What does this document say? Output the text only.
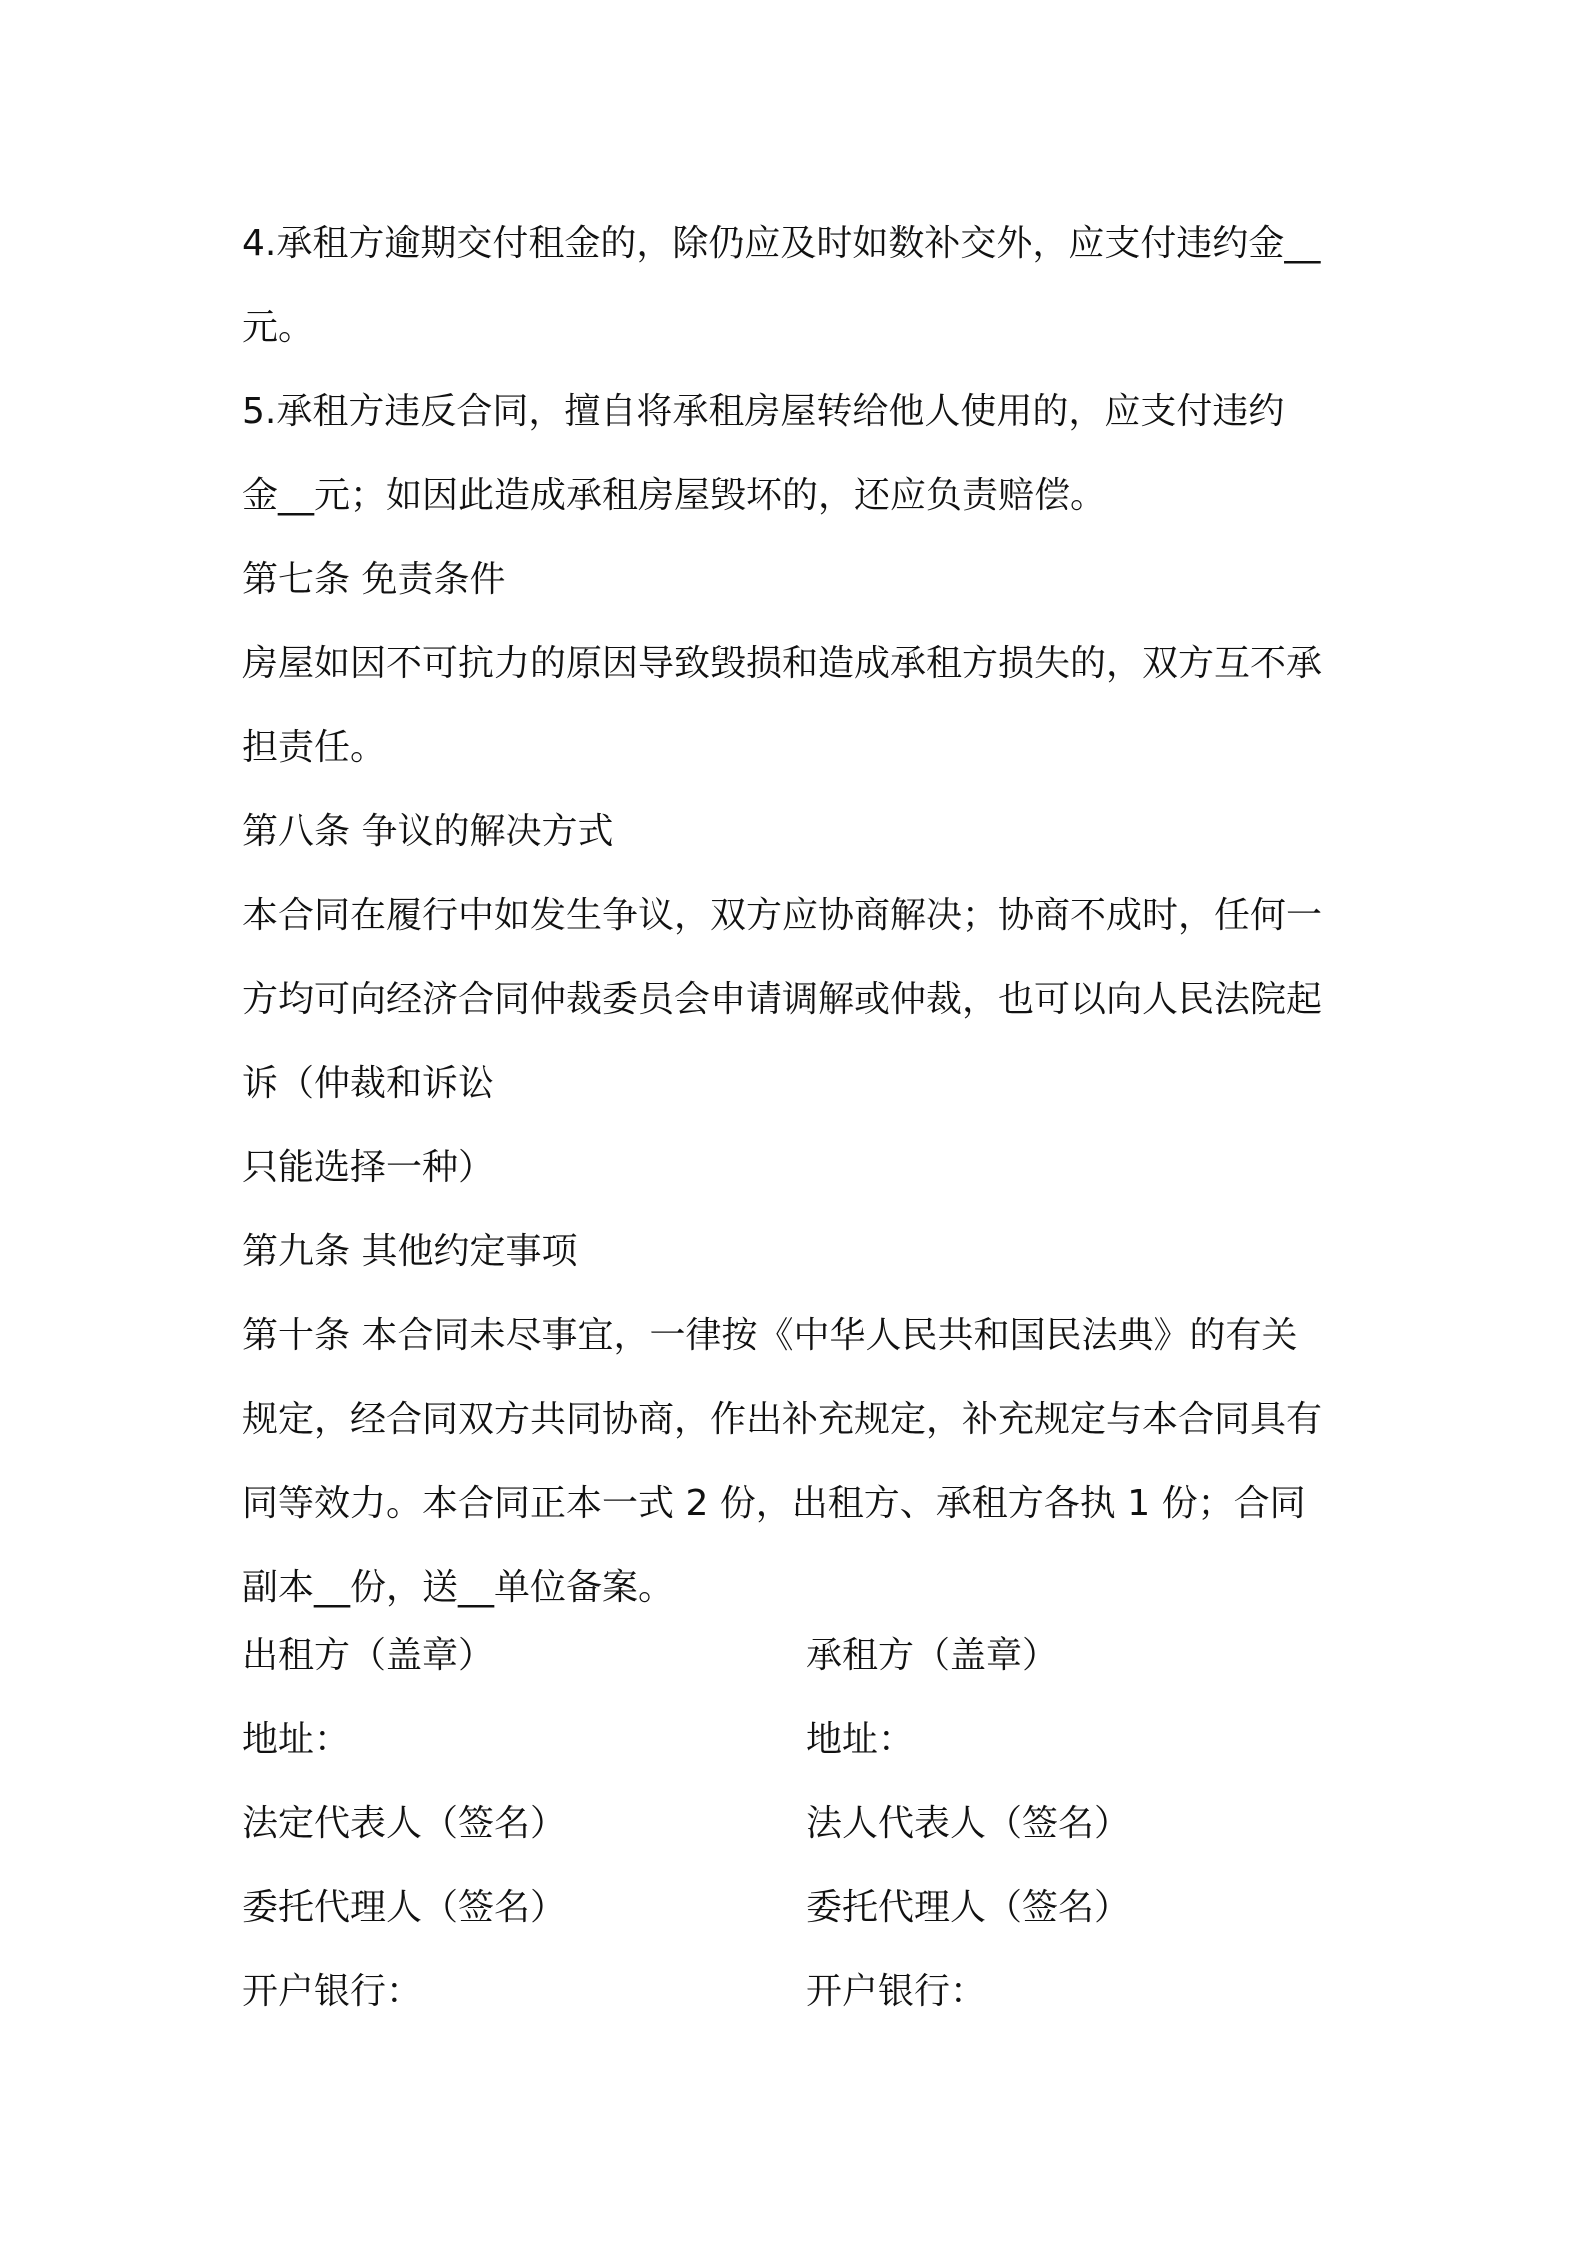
4.承租方逾期交付租金的，除仍应及时如数补交外，应支付违约金__
元。
5.承租方违反合同，擅自将承租房屋转给他人使用的，应支付违约
金__元；如因此造成承租房屋毁坏的，还应负责赔偿。
第七条 免责条件
房屋如因不可抗力的原因导致毁损和造成承租方损失的，双方互不承
担责任。
第八条 争议的解决方式
本合同在履行中如发生争议，双方应协商解决；协商不成时，任何一
方均可向经济合同仲裁委员会申请调解或仲裁，也可以向人民法院起
诉（仲裁和诉讼
只能选择一种）
第九条 其他约定事项
第十条 本合同未尽事宜，一律按《中华人民共和国民法典》的有关
规定，经合同双方共同协商，作出补充规定，补充规定与本合同具有
同等效力。本合同正本一式 2 份，出租方、承租方各执 1 份；合同
副本__份，送__单位备案。
出租方（盖章）	承租方（盖章）
地址：	地址：
法定代表人（签名）	法人代表人（签名）
委托代理人（签名）	委托代理人（签名）
开户银行：	开户银行：
